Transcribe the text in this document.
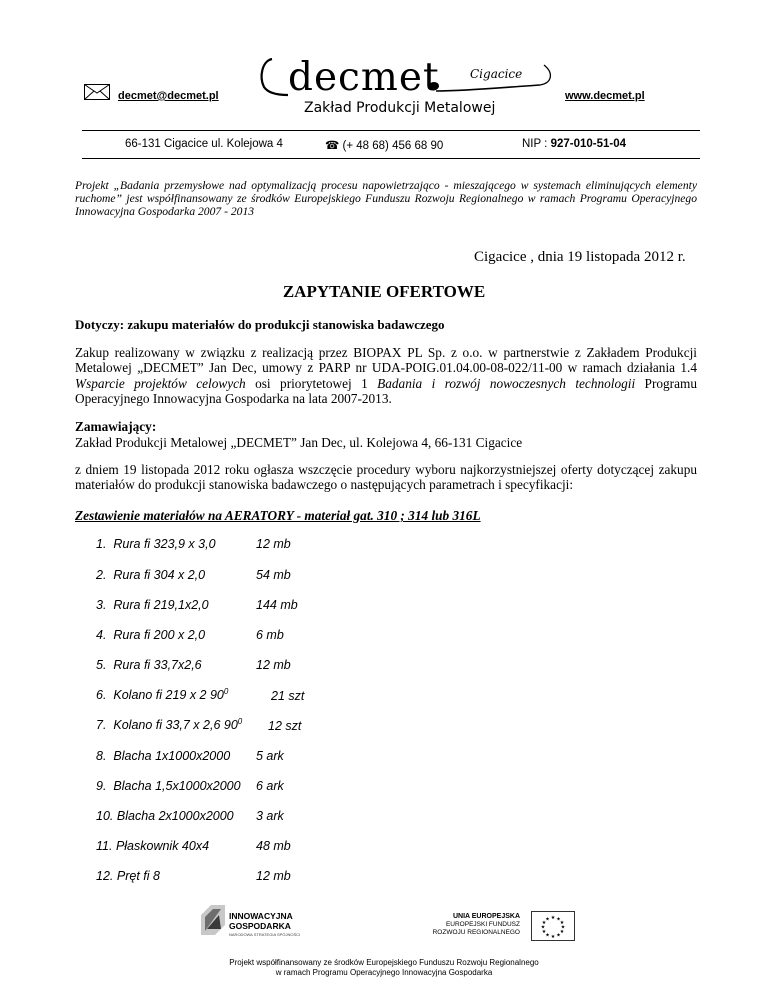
decmet@decmet.pl decmet	Cigacice
Zakład Produkcji Metalowej
www.decmet.pl
66-131 Cigacice ul. Kolejowa 4	☎ (+ 48 68) 456 68 90	NIP : 927-010-51-04
Projekt „Badania przemysłowe nad optymalizacją procesu napowietrzająco - mieszającego w systemach eliminujących elementy ruchome” jest współfinansowany ze środków Europejskiego Funduszu Rozwoju Regionalnego w ramach Programu Operacyjnego Innowacyjna Gospodarka 2007 - 2013
Cigacice , dnia 19 listopada 2012 r.
ZAPYTANIE OFERTOWE
Dotyczy: zakupu materiałów do produkcji stanowiska badawczego
Zakup realizowany w związku z realizacją przez BIOPAX PL Sp. z o.o. w partnerstwie z Zakładem Produkcji Metalowej „DECMET” Jan Dec, umowy z PARP nr UDA-POIG.01.04.00-08-022/11-00 w ramach działania 1.4 Wsparcie projektów celowych osi priorytetowej 1 Badania i rozwój nowoczesnych technologii Programu Operacyjnego Innowacyjna Gospodarka na lata 2007-2013.
Zamawiający:
Zakład Produkcji Metalowej „DECMET” Jan Dec, ul. Kolejowa 4, 66-131 Cigacice
z dniem 19 listopada 2012 roku ogłasza wszczęcie procedury wyboru najkorzystniejszej oferty dotyczącej zakupu materiałów do produkcji stanowiska badawczego o następujących parametrach i specyfikacji:
Zestawienie materiałów na AERATORY - materiał gat. 310 ; 314 lub 316L
1. Rura fi 323,9 x 3,0	12 mb
2. Rura fi 304 x 2,0	54 mb
3. Rura fi 219,1x2,0	144 mb
4. Rura fi 200 x 2,0	6 mb
5. Rura fi 33,7x2,6	12 mb
6. Kolano fi 219 x 2 $90^0$	21 szt
7. Kolano fi 33,7 x 2,6 $90^0$ 12 szt
8. Blacha 1x1000x2000 5 ark
9. Blacha 1,5x1000x2000 6 ark
10. Blacha 2x1000x2000 3 ark
11. Płaskownik 40x4	48 mb
12. Pręt fi 8	12 mb
INNOWACYJNA
GOSPODARKA
NARODOWA STRATEGIA SPÓJNOŚCI
UNIA EUROPEJSKA
EUROPEJSKI FUNDUSZ
ROZWOJU REGIONALNEGO
★ ★
★
★
★
★
★
★
★
★
★
★
Projekt współfinansowany ze środków Europejskiego Funduszu Rozwoju Regionalnego
w ramach Programu Operacyjnego Innowacyjna Gospodarka
